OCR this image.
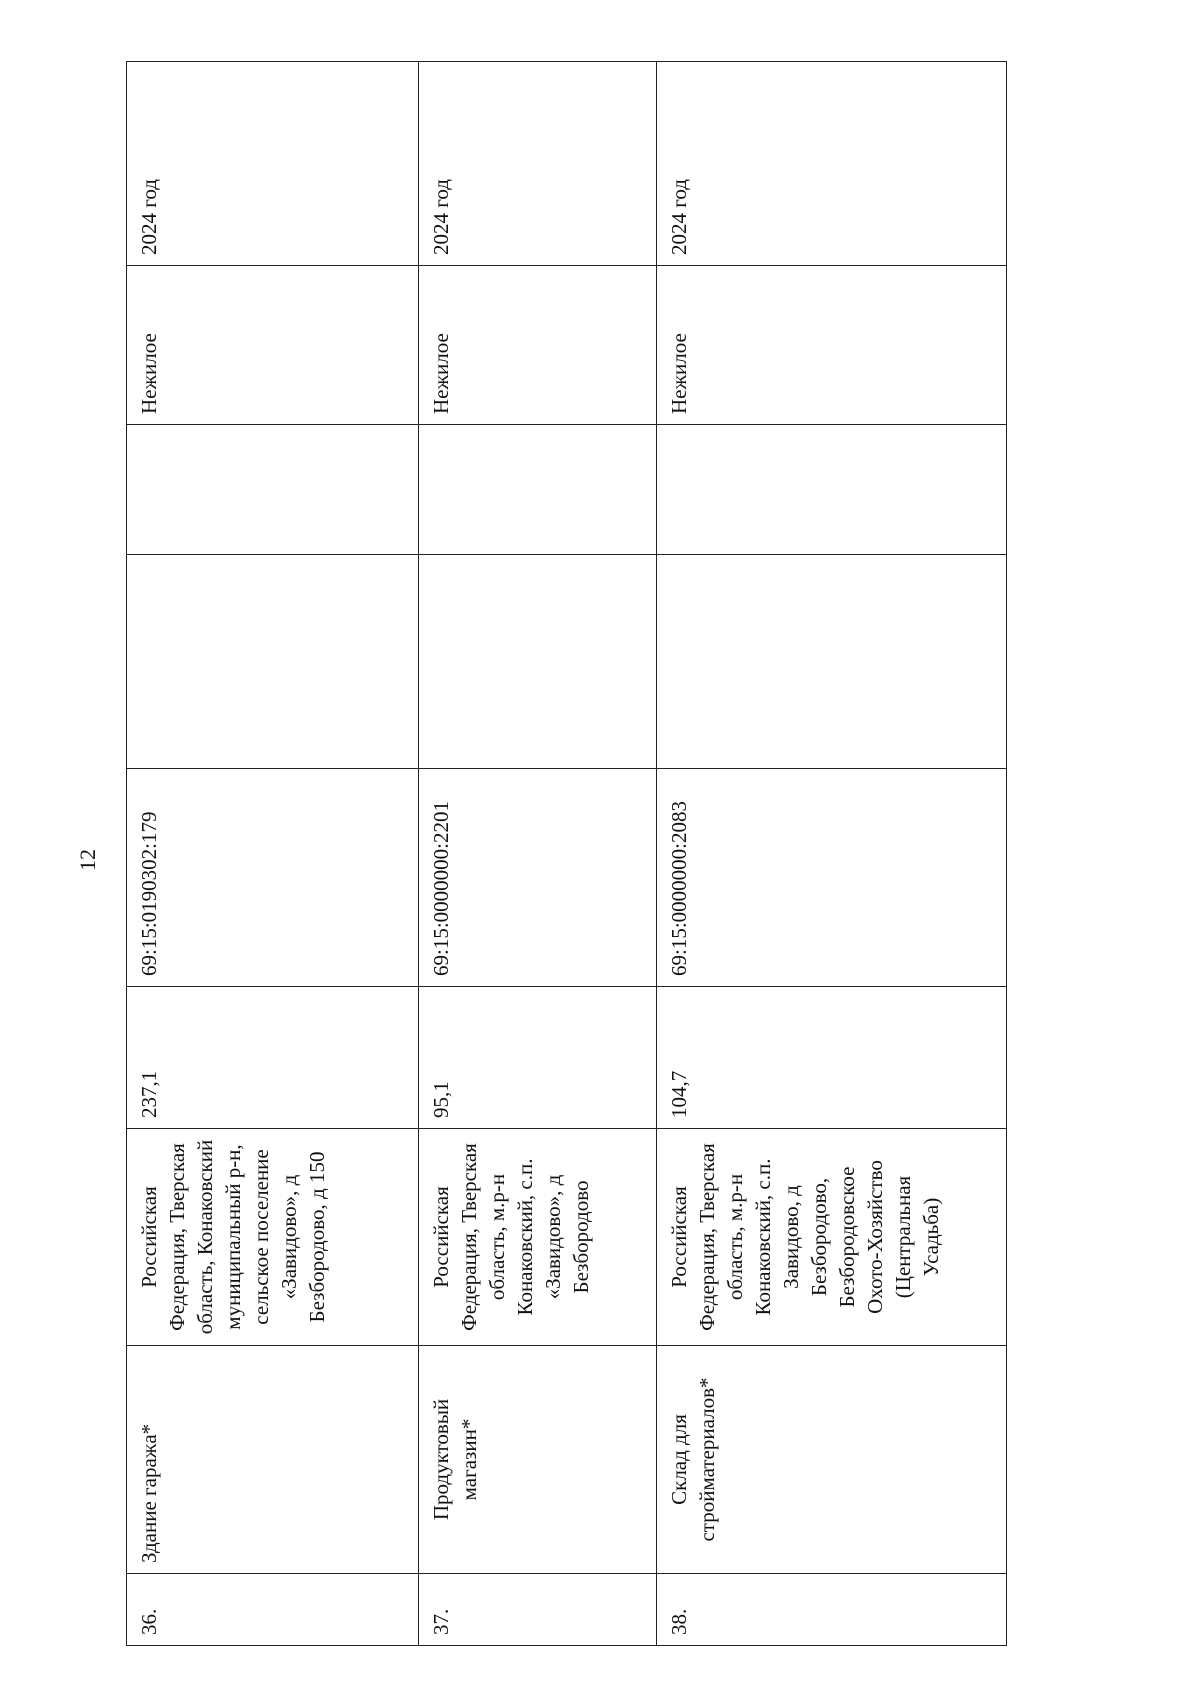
12
36.	Здание гаража*	Российская Федерация, Тверская область, Конаковский муниципальный р-н, сельское поселение «Завидово», д Безбородово, д 150	237,1	69:15:0190302:179			Нежилое	2024 год
37.	Продуктовый магазин*	Российская Федерация, Тверская область, м.р-н Конаковский, с.п. «Завидово», д Безбородово	95,1	69:15:0000000:2201			Нежилое	2024 год
38.	Склад для стройматериалов*	Российская Федерация, Тверская область, м.р-н Конаковский, с.п. Завидово, д Безбородово, Безбородовское Охото-Хозяйство (Центральная Усадьба)	104,7	69:15:0000000:2083			Нежилое	2024 год
